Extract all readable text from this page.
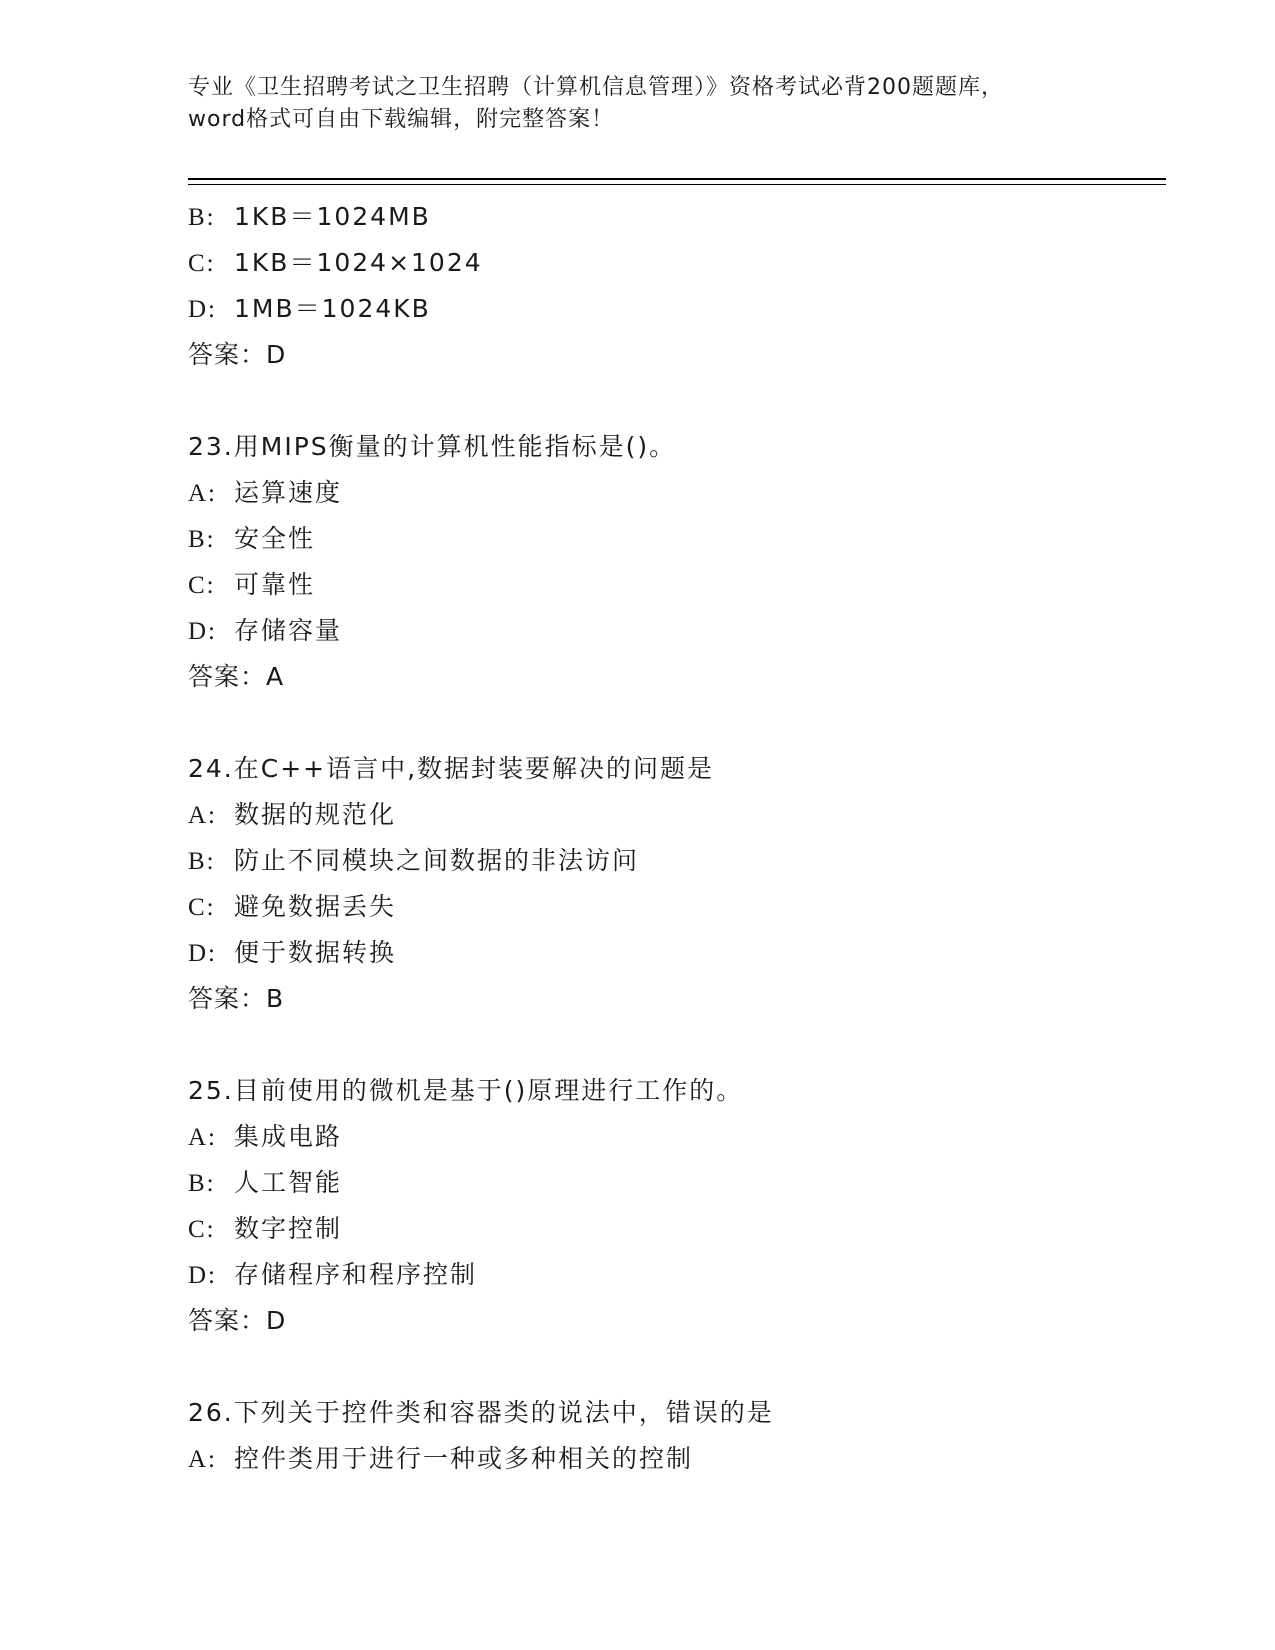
专业《卫生招聘考试之卫生招聘（计算机信息管理）》资格考试必背200题题库，
word格式可自由下载编辑，附完整答案！
B: 1KB＝1024MB
C: 1KB＝1024×1024
D: 1MB＝1024KB
答案：D
23.用MIPS衡量的计算机性能指标是()。
A: 运算速度
B: 安全性
C: 可靠性
D: 存储容量
答案：A
24.在C++语言中,数据封装要解决的问题是
A: 数据的规范化
B: 防止不同模块之间数据的非法访问
C: 避免数据丢失
D: 便于数据转换
答案：B
25.目前使用的微机是基于()原理进行工作的。
A: 集成电路
B: 人工智能
C: 数字控制
D: 存储程序和程序控制
答案：D
26.下列关于控件类和容器类的说法中，错误的是
A: 控件类用于进行一种或多种相关的控制
